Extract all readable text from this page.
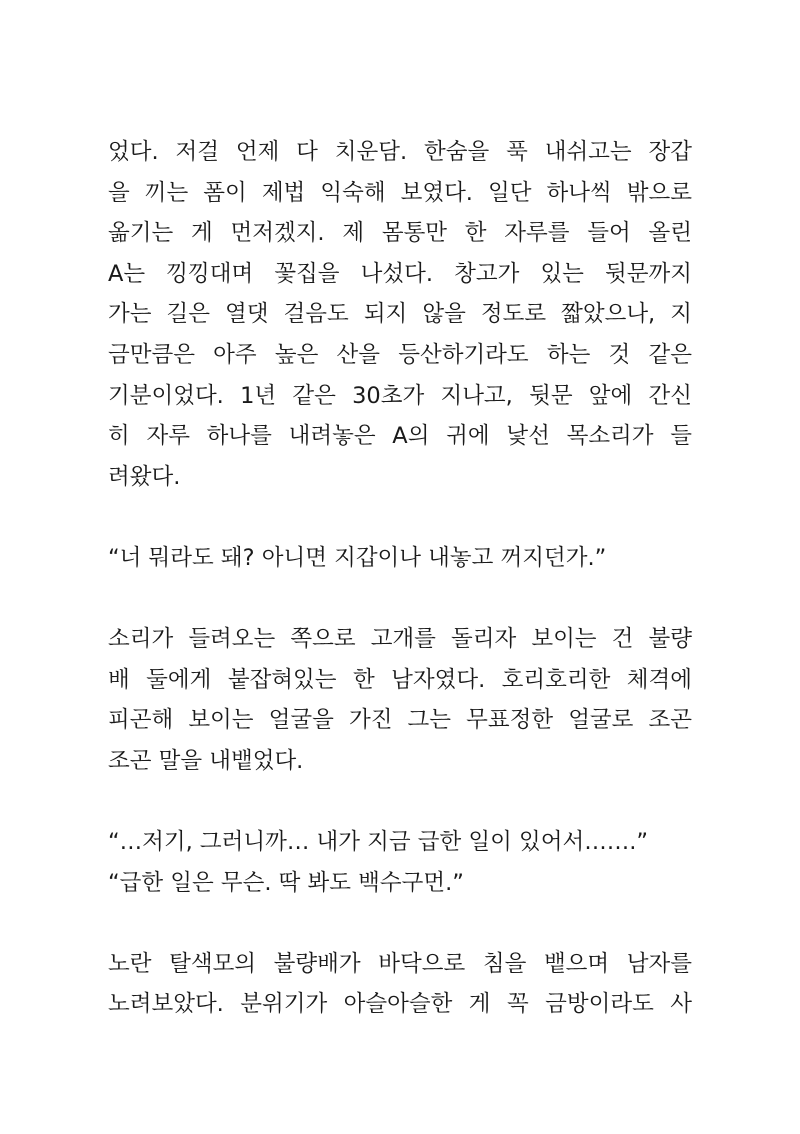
었다. 저걸 언제 다 치운담. 한숨을 푹 내쉬고는 장갑
을 끼는 폼이 제법 익숙해 보였다. 일단 하나씩 밖으로
옮기는 게 먼저겠지. 제 몸통만 한 자루를 들어 올린
A는 낑낑대며 꽃집을 나섰다. 창고가 있는 뒷문까지
가는 길은 열댓 걸음도 되지 않을 정도로 짧았으나, 지
금만큼은 아주 높은 산을 등산하기라도 하는 것 같은
기분이었다. 1년 같은 30초가 지나고, 뒷문 앞에 간신
히 자루 하나를 내려놓은 A의 귀에 낯선 목소리가 들
려왔다.
“너 뭐라도 돼? 아니면 지갑이나 내놓고 꺼지던가.”
소리가 들려오는 쪽으로 고개를 돌리자 보이는 건 불량
배 둘에게 붙잡혀있는 한 남자였다. 호리호리한 체격에
피곤해 보이는 얼굴을 가진 그는 무표정한 얼굴로 조곤
조곤 말을 내뱉었다.
“…저기, 그러니까… 내가 지금 급한 일이 있어서…….”
“급한 일은 무슨. 딱 봐도 백수구먼.”
노란 탈색모의 불량배가 바닥으로 침을 뱉으며 남자를
노려보았다. 분위기가 아슬아슬한 게 꼭 금방이라도 사
